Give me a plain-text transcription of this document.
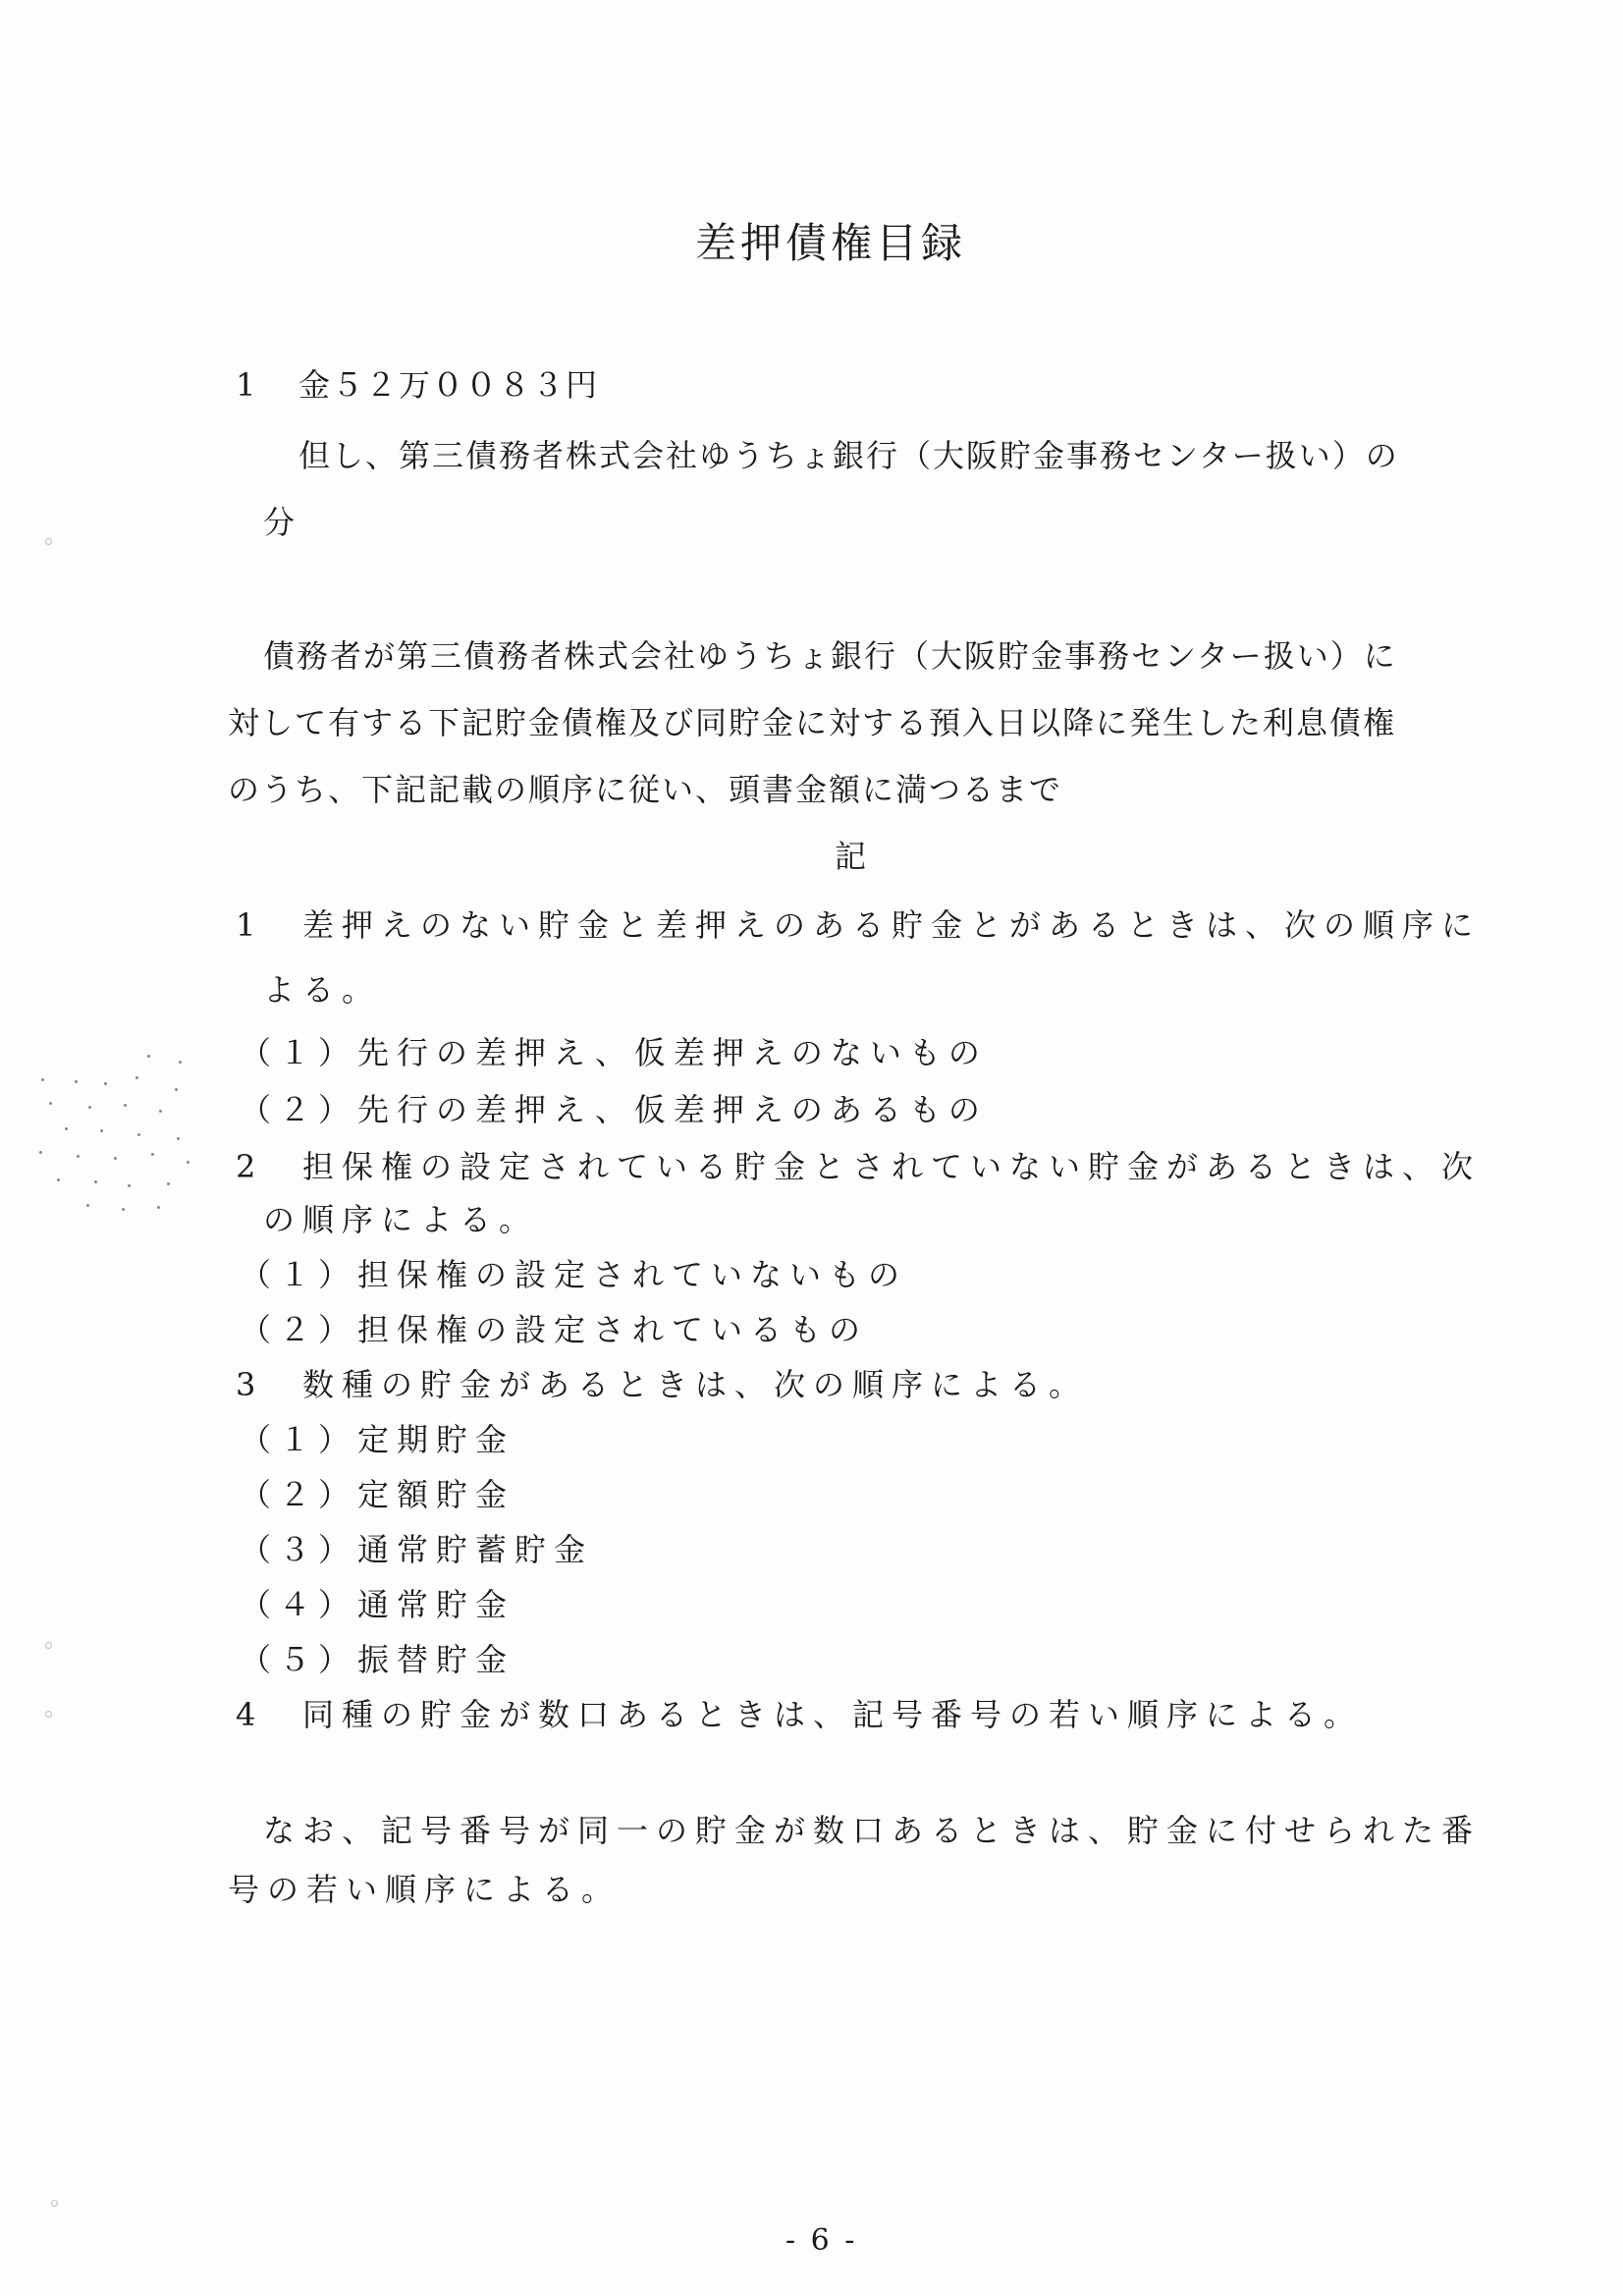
差押債権目録
1 金５２万００８３円
但し、第三債務者株式会社ゆうちょ銀行（大阪貯金事務センター扱い）の
分
債務者が第三債務者株式会社ゆうちょ銀行（大阪貯金事務センター扱い）に
対して有する下記貯金債権及び同貯金に対する預入日以降に発生した利息債権
のうち、下記記載の順序に従い、頭書金額に満つるまで
記
1 差押えのない貯金と差押えのある貯金とがあるときは、次の順序に
よる。
（１）先行の差押え、仮差押えのないもの
（２）先行の差押え、仮差押えのあるもの
2 担保権の設定されている貯金とされていない貯金があるときは、次
の順序による。
（１）担保権の設定されていないもの
（２）担保権の設定されているもの
3 数種の貯金があるときは、次の順序による。
（１）定期貯金
（２）定額貯金
（３）通常貯蓄貯金
（４）通常貯金
（５）振替貯金
4 同種の貯金が数口あるときは、記号番号の若い順序による。
なお、記号番号が同一の貯金が数口あるときは、貯金に付せられた番
号の若い順序による。
- 6 -
